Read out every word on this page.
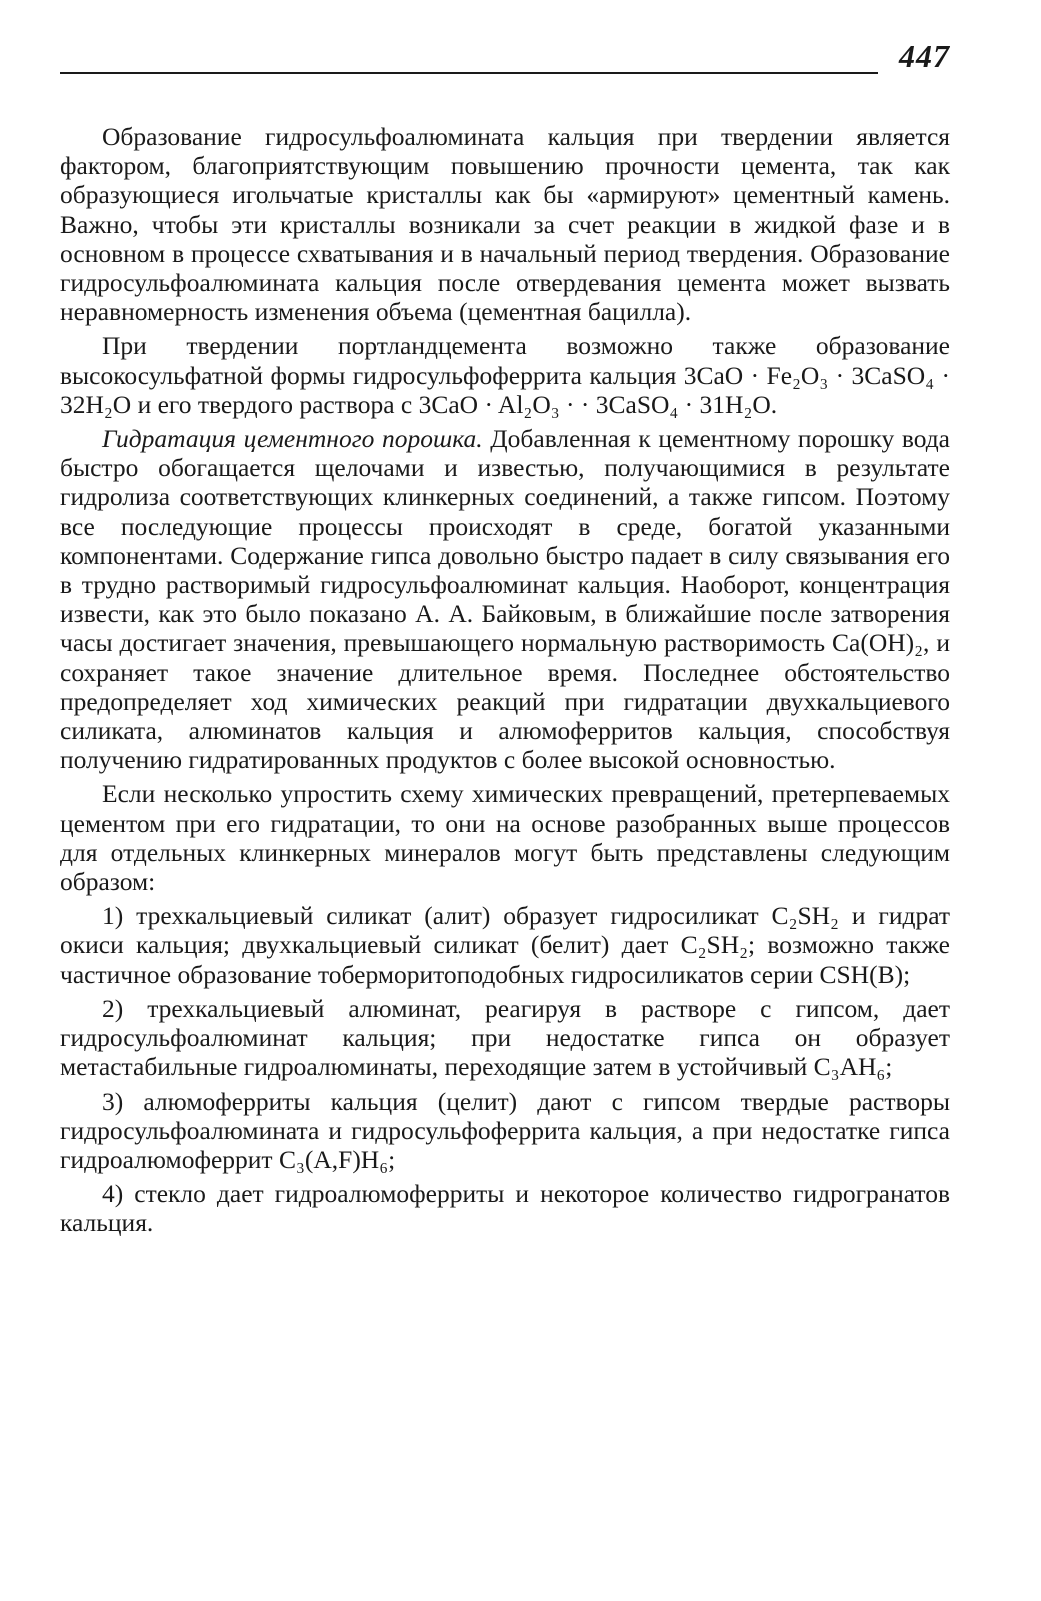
447

Образование гидросульфоалюмината кальция при твердении является фактором, благоприятствующим повышению прочности цемента, так как образующиеся игольчатые кристаллы как бы «армируют» цементный камень. Важно, чтобы эти кристаллы возникали за счет реакции в жидкой фазе и в основном в процессе схватывания и в начальный период твердения. Образование гидросульфоалюмината кальция после отвердевания цемента может вызвать неравномерность изменения объема (цементная бацилла).

При твердении портландцемента возможно также образование высокосульфатной формы гидросульфоферрита кальция 3CaO · Fe₂O₃ · 3CaSO₄ · 32H₂O и его твердого раствора с 3CaO · Al₂O₃ · · 3CaSO₄ · 31H₂O.

Гидратация цементного порошка. Добавленная к цементному порошку вода быстро обогащается щелочами и известью, получающимися в результате гидролиза соответствующих клинкерных соединений, а также гипсом. Поэтому все последующие процессы происходят в среде, богатой указанными компонентами. Содержание гипса довольно быстро падает в силу связывания его в трудно растворимый гидросульфоалюминат кальция. Наоборот, концентрация извести, как это было показано А. А. Байковым, в ближайшие после затворения часы достигает значения, превышающего нормальную растворимость Ca(OH)₂, и сохраняет такое значение длительное время. Последнее обстоятельство предопределяет ход химических реакций при гидратации двухкальциевого силиката, алюминатов кальция и алюмоферритов кальция, способствуя получению гидратированных продуктов с более высокой основностью.

Если несколько упростить схему химических превращений, претерпеваемых цементом при его гидратации, то они на основе разобранных выше процессов для отдельных клинкерных минералов могут быть представлены следующим образом:

1) трехкальциевый силикат (алит) образует гидросиликат C₂SH₂ и гидрат окиси кальция; двухкальциевый силикат (белит) дает C₂SH₂; возможно также частичное образование тоберморитоподобных гидросиликатов серии CSH(B);

2) трехкальциевый алюминат, реагируя в растворе с гипсом, дает гидросульфоалюминат кальция; при недостатке гипса он образует метастабильные гидроалюминаты, переходящие затем в устойчивый C₃AH₆;

3) алюмоферриты кальция (целит) дают с гипсом твердые растворы гидросульфоалюмината и гидросульфоферрита кальция, а при недостатке гипса гидроалюмоферрит C₃(A,F)H₆;

4) стекло дает гидроалюмоферриты и некоторое количество гидрогранатов кальция.
